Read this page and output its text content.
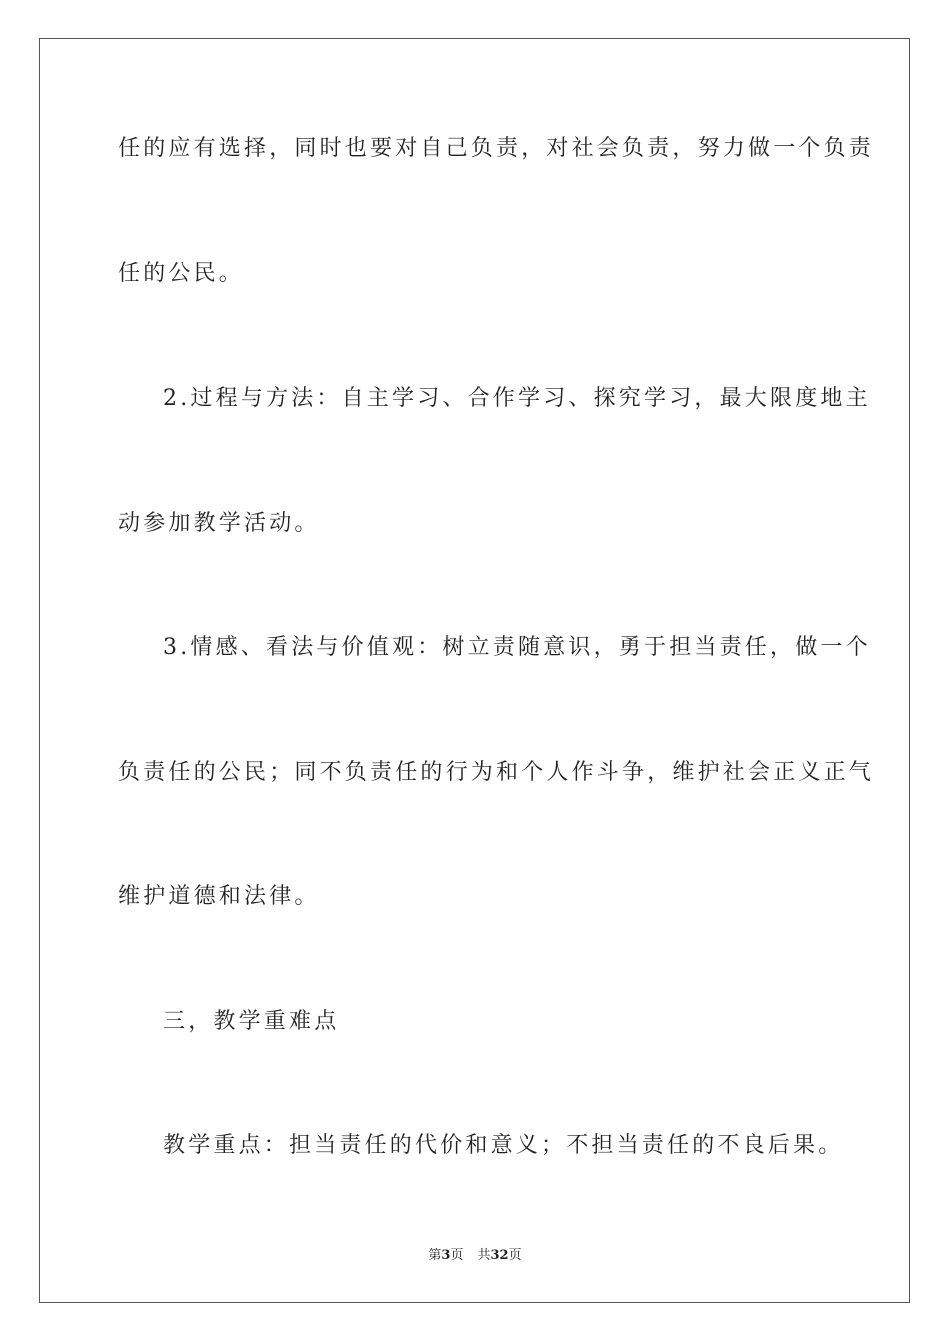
任的应有选择，同时也要对自己负责，对社会负责，努力做一个负责
任的公民。
2.过程与方法：自主学习、合作学习、探究学习，最大限度地主
动参加教学活动。
3.情感、看法与价值观：树立责随意识，勇于担当责任，做一个
负责任的公民；同不负责任的行为和个人作斗争，维护社会正义正气
维护道德和法律。
三，教学重难点
教学重点：担当责任的代价和意义；不担当责任的不良后果。
第3页 共32页
